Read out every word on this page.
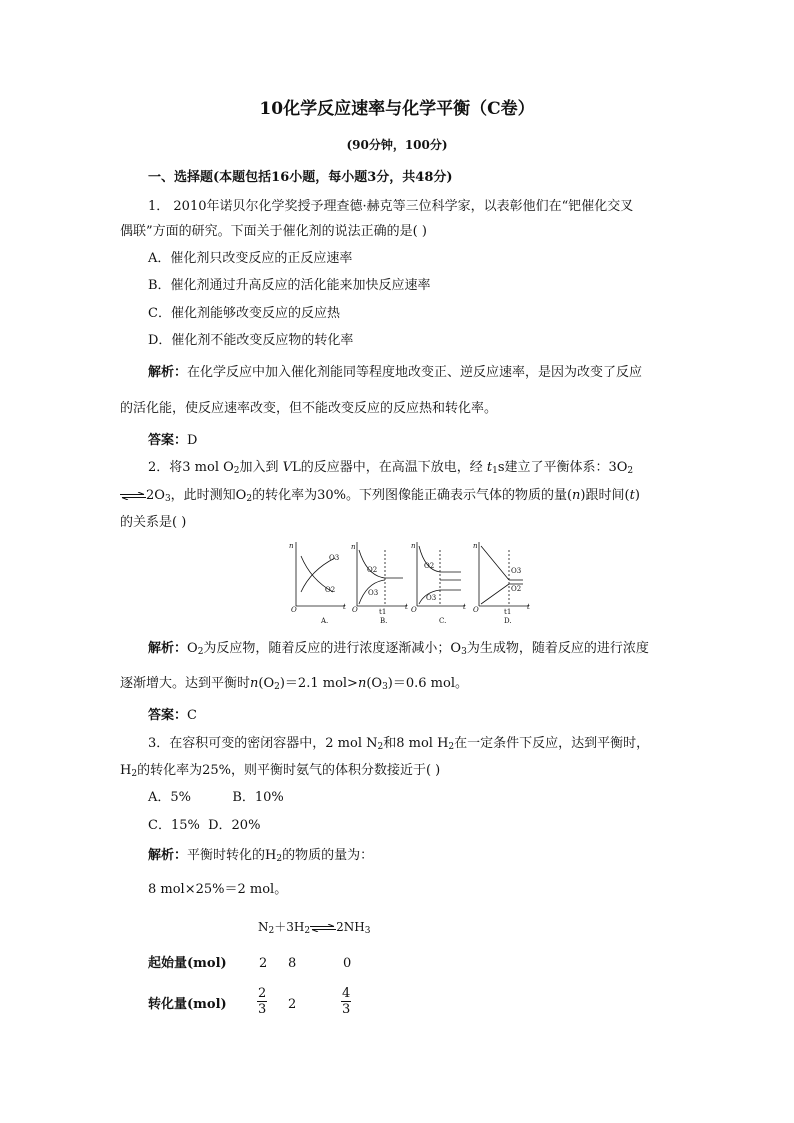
10化学反应速率与化学平衡（C卷）
(90分钟，100分)
一、选择题(本题包括16小题，每小题3分，共48分)
1． 2010年诺贝尔化学奖授予理查德·赫克等三位科学家，以表彰他们在“钯催化交叉
偶联”方面的研究。下面关于催化剂的说法正确的是( )
A．催化剂只改变反应的正反应速率
B．催化剂通过升高反应的活化能来加快反应速率
C．催化剂能够改变反应的反应热
D．催化剂不能改变反应物的转化率
解析：在化学反应中加入催化剂能同等程度地改变正、逆反应速率，是因为改变了反应
的活化能，使反应速率改变，但不能改变反应的反应热和转化率。
答案：D
2．将3 mol $O_2$加入到 VL的反应器中，在高温下放电，经 $t_1s$建立了平衡体系：$3O_2$
$\rightleftharpoons 2O_3$，此时测知$O_2$的转化率为30%。下列图像能正确表示气体的物质的量(n)跟时间(t)
的关系是( )
n
O	t
A.
O3
O2
n
O	t
t1
B.
O2
O3
n
O	t
C.
O2
O3
n
O	t
t1
D.
O3
O2
解析：$O_2$为反应物，随着反应的进行浓度逐渐减小；$O_3$为生成物，随着反应的进行浓度
逐渐增大。达到平衡时$n(O_2)=2.1$ $mol>n(O_3)=0.6$ mol。
答案：C
3．在容积可变的密闭容器中，2 mol $N_2$和8 mol $H_2$在一定条件下反应，达到平衡时，
$H_2$的转化率为25%，则平衡时氨气的体积分数接近于( )
A．5%          B．10%
C．15%  D．20%
解析：平衡时转化的$H_2$的物质的量为：
8 mol×25%＝2 mol。
$N_2+3H_2\rightleftharpoons 2NH_3$
起始量(mol) 2 8	0
转化量$(mol) \frac{2}{3} 2$	$\frac{4}{3}$
